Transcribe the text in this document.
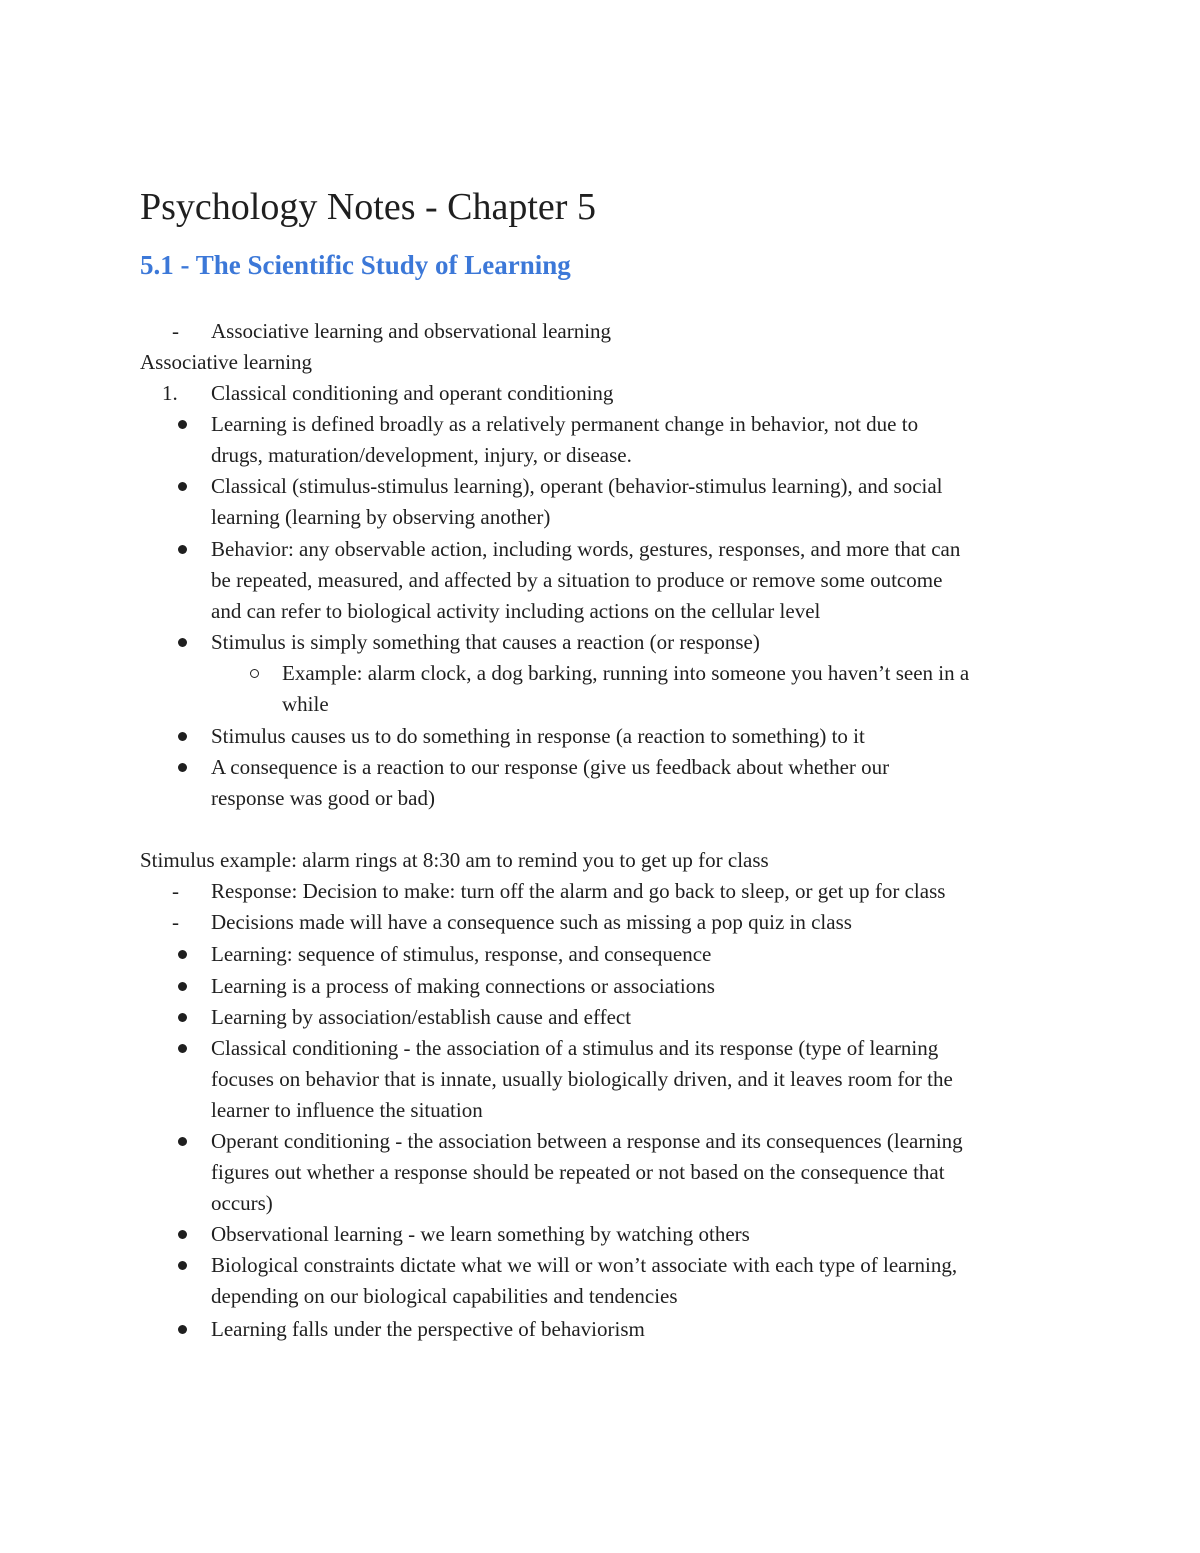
Psychology Notes - Chapter 5
5.1 - The Scientific Study of Learning
- Associative learning and observational learning
Associative learning
1. Classical conditioning and operant conditioning
Learning is defined broadly as a relatively permanent change in behavior, not due to
drugs, maturation/development, injury, or disease.
Classical (stimulus-stimulus learning), operant (behavior-stimulus learning), and social
learning (learning by observing another)
Behavior: any observable action, including words, gestures, responses, and more that can
be repeated, measured, and affected by a situation to produce or remove some outcome
and can refer to biological activity including actions on the cellular level
Stimulus is simply something that causes a reaction (or response)
Example: alarm clock, a dog barking, running into someone you haven’t seen in a
while
Stimulus causes us to do something in response (a reaction to something) to it
A consequence is a reaction to our response (give us feedback about whether our
response was good or bad)
Stimulus example: alarm rings at 8:30 am to remind you to get up for class
- Response: Decision to make: turn off the alarm and go back to sleep, or get up for class
- Decisions made will have a consequence such as missing a pop quiz in class
Learning: sequence of stimulus, response, and consequence
Learning is a process of making connections or associations
Learning by association/establish cause and effect
Classical conditioning - the association of a stimulus and its response (type of learning
focuses on behavior that is innate, usually biologically driven, and it leaves room for the
learner to influence the situation
Operant conditioning - the association between a response and its consequences (learning
figures out whether a response should be repeated or not based on the consequence that
occurs)
Observational learning - we learn something by watching others
Biological constraints dictate what we will or won’t associate with each type of learning,
depending on our biological capabilities and tendencies
Learning falls under the perspective of behaviorism
